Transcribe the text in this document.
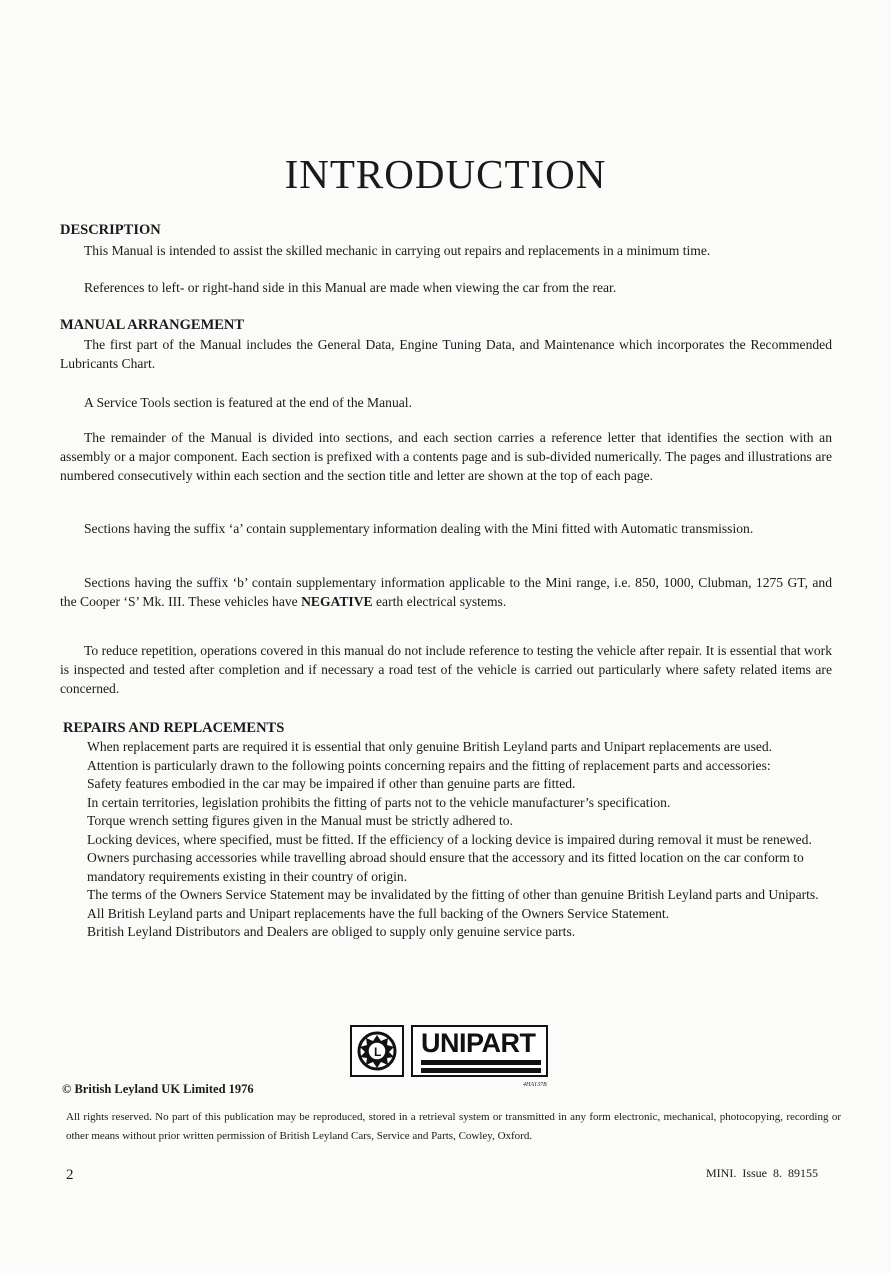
INTRODUCTION
DESCRIPTION
This Manual is intended to assist the skilled mechanic in carrying out repairs and replacements in a minimum time.
References to left- or right-hand side in this Manual are made when viewing the car from the rear.
MANUAL ARRANGEMENT
The first part of the Manual includes the General Data, Engine Tuning Data, and Maintenance which incorporates the Recommended Lubricants Chart.
A Service Tools section is featured at the end of the Manual.
The remainder of the Manual is divided into sections, and each section carries a reference letter that identifies the section with an assembly or a major component. Each section is prefixed with a contents page and is sub-divided numerically. The pages and illustrations are numbered consecutively within each section and the section title and letter are shown at the top of each page.
Sections having the suffix ‘a’ contain supplementary information dealing with the Mini fitted with Automatic transmission.
Sections having the suffix ‘b’ contain supplementary information applicable to the Mini range, i.e. 850, 1000, Clubman, 1275 GT, and the Cooper ‘S’ Mk. III. These vehicles have NEGATIVE earth electrical systems.
To reduce repetition, operations covered in this manual do not include reference to testing the vehicle after repair. It is essential that work is inspected and tested after completion and if necessary a road test of the vehicle is carried out particularly where safety related items are concerned.
REPAIRS AND REPLACEMENTS
When replacement parts are required it is essential that only genuine British Leyland parts and Unipart replacements are used.
Attention is particularly drawn to the following points concerning repairs and the fitting of replacement parts and accessories:
Safety features embodied in the car may be impaired if other than genuine parts are fitted.
In certain territories, legislation prohibits the fitting of parts not to the vehicle manufacturer’s specification.
Torque wrench setting figures given in the Manual must be strictly adhered to.
Locking devices, where specified, must be fitted. If the efficiency of a locking device is impaired during removal it must be renewed.
Owners purchasing accessories while travelling abroad should ensure that the accessory and its fitted location on the car conform to mandatory requirements existing in their country of origin.
The terms of the Owners Service Statement may be invalidated by the fitting of other than genuine British Leyland parts and Uniparts.
All British Leyland parts and Unipart replacements have the full backing of the Owners Service Statement.
British Leyland Distributors and Dealers are obliged to supply only genuine service parts.
L UNIPART
4HA137B
© British Leyland UK Limited 1976
All rights reserved. No part of this publication may be reproduced, stored in a retrieval system or transmitted in any form electronic, mechanical, photocopying, recording or other means without prior written permission of British Leyland Cars, Service and Parts, Cowley, Oxford.
2	MINI. Issue 8. 89155
